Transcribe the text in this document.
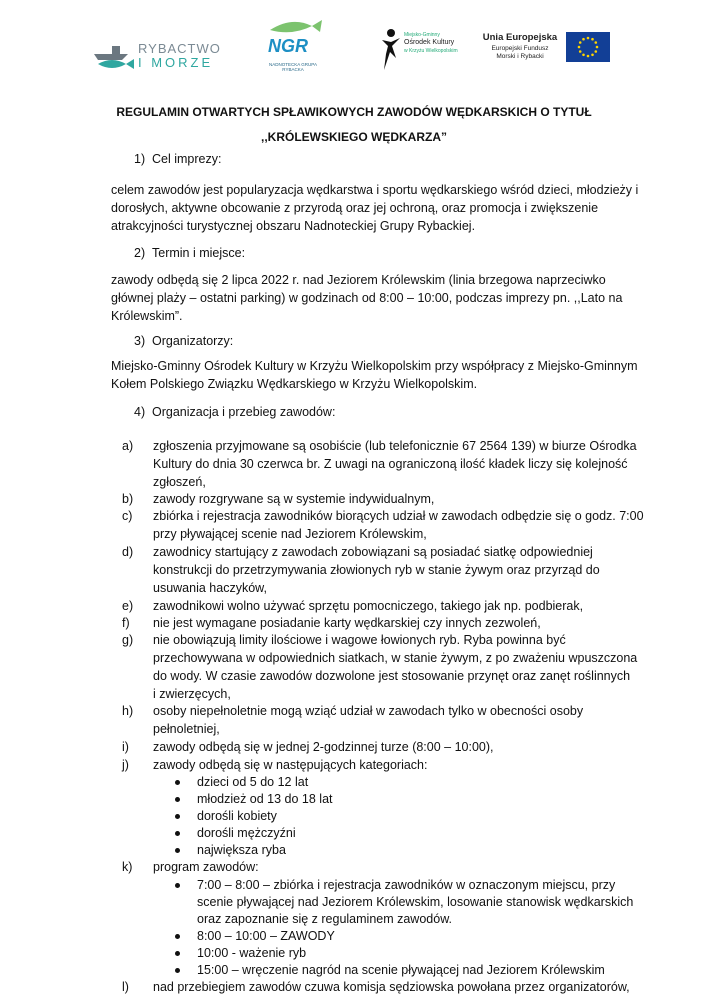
RYBACTWO
I MORZE
NGR
NADNOTECKA GRUPA RYBACKA
Miejsko-Gminny
Ośrodek Kultury
w Krzyżu Wielkopolskim
Unia Europejska
Europejski Fundusz
Morski i Rybacki
REGULAMIN OTWARTYCH SPŁAWIKOWYCH ZAWODÓW WĘDKARSKICH O TYTUŁ
,,KRÓLEWSKIEGO WĘDKARZA”
1) Cel imprezy:
celem zawodów jest popularyzacja wędkarstwa i sportu wędkarskiego wśród dzieci, młodzieży i
dorosłych, aktywne obcowanie z przyrodą oraz jej ochroną, oraz promocja i zwiększenie
atrakcyjności turystycznej obszaru Nadnoteckiej Grupy Rybackiej.
2) Termin i miejsce:
zawody odbędą się 2 lipca 2022 r. nad Jeziorem Królewskim (linia brzegowa naprzeciwko
głównej plaży – ostatni parking) w godzinach od 8:00 – 10:00, podczas imprezy pn. ,,Lato na
Królewskim”.
3) Organizatorzy:
Miejsko-Gminny Ośrodek Kultury w Krzyżu Wielkopolskim przy współpracy z Miejsko-Gminnym
Kołem Polskiego Związku Wędkarskiego w Krzyżu Wielkopolskim.
4) Organizacja i przebieg zawodów:
a) zgłoszenia przyjmowane są osobiście (lub telefonicznie 67 2564 139) w biurze Ośrodka
Kultury do dnia 30 czerwca br. Z uwagi na ograniczoną ilość kładek liczy się kolejność
zgłoszeń,
b) zawody rozgrywane są w systemie indywidualnym,
c) zbiórka i rejestracja zawodników biorących udział w zawodach odbędzie się o godz. 7:00
przy pływającej scenie nad Jeziorem Królewskim,
d) zawodnicy startujący z zawodach zobowiązani są posiadać siatkę odpowiedniej
konstrukcji do przetrzymywania złowionych ryb w stanie żywym oraz przyrząd do
usuwania haczyków,
e) zawodnikowi wolno używać sprzętu pomocniczego, takiego jak np. podbierak,
f) nie jest wymagane posiadanie karty wędkarskiej czy innych zezwoleń,
g) nie obowiązują limity ilościowe i wagowe łowionych ryb. Ryba powinna być
przechowywana w odpowiednich siatkach, w stanie żywym, z po zważeniu wpuszczona
do wody. W czasie zawodów dozwolone jest stosowanie przynęt oraz zanęt roślinnych
i zwierzęcych,
h) osoby niepełnoletnie mogą wziąć udział w zawodach tylko w obecności osoby
pełnoletniej,
i) zawody odbędą się w jednej 2-godzinnej turze (8:00 – 10:00),
j) zawody odbędą się w następujących kategoriach:
dzieci od 5 do 12 lat
młodzież od 13 do 18 lat
dorośli kobiety
dorośli mężczyźni
największa ryba
k) program zawodów:
7:00 – 8:00 – zbiórka i rejestracja zawodników w oznaczonym miejscu, przy
scenie pływającej nad Jeziorem Królewskim, losowanie stanowisk wędkarskich
oraz zapoznanie się z regulaminem zawodów.
8:00 – 10:00 – ZAWODY
10:00 - ważenie ryb
15:00 – wręczenie nagród na scenie pływającej nad Jeziorem Królewskim
l) nad przebiegiem zawodów czuwa komisja sędziowska powołana przez organizatorów,
